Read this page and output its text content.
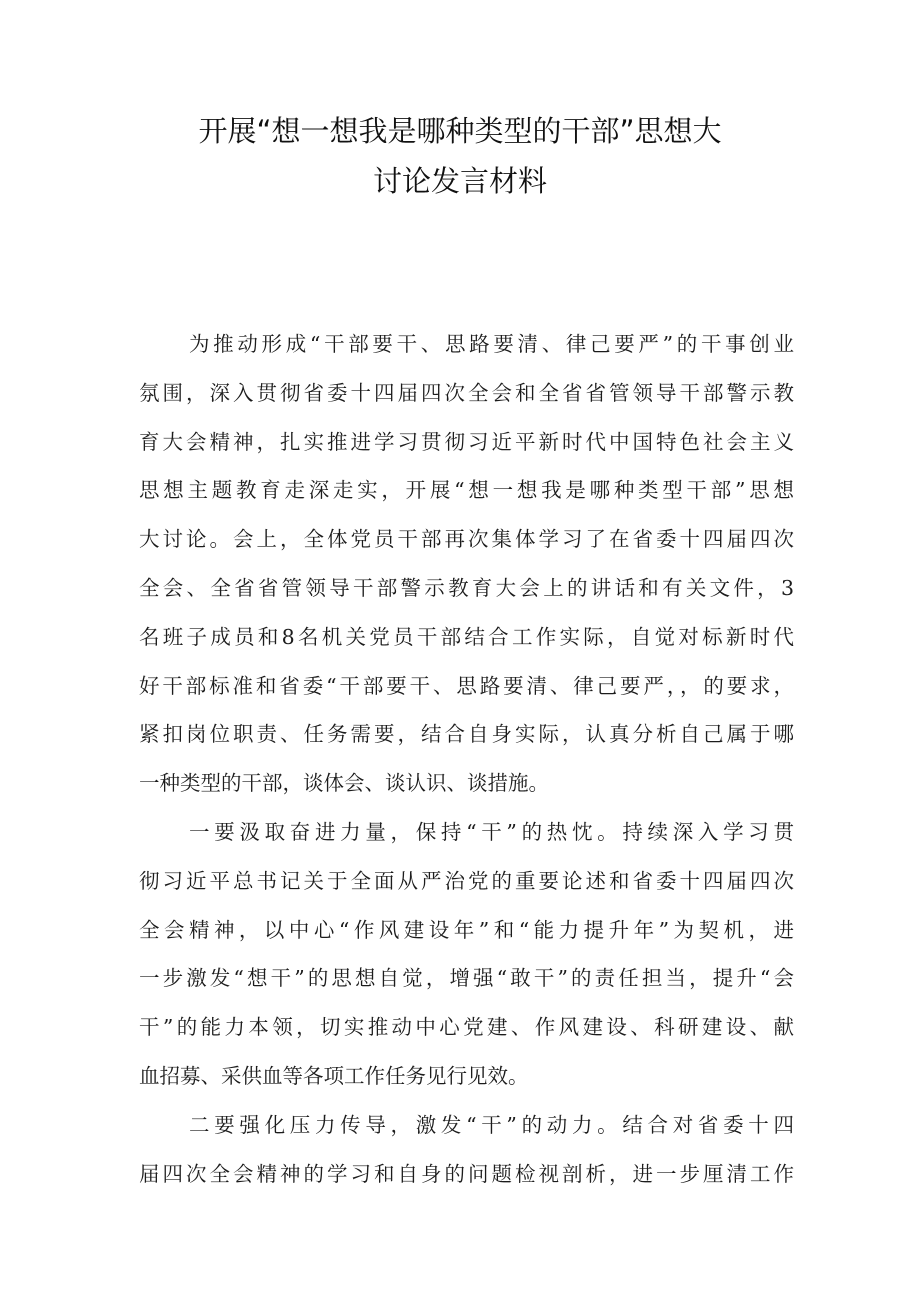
开展“想一想我是哪种类型的干部”思想大
讨论发言材料
为推动形成“干部要干、思路要清、律己要严”的干事创业
氛围，深入贯彻省委十四届四次全会和全省省管领导干部警示教
育大会精神，扎实推进学习贯彻习近平新时代中国特色社会主义
思想主题教育走深走实，开展“想一想我是哪种类型干部”思想
大讨论。会上，全体党员干部再次集体学习了在省委十四届四次
全会、全省省管领导干部警示教育大会上的讲话和有关文件，3
名班子成员和8名机关党员干部结合工作实际，自觉对标新时代
好干部标准和省委“干部要干、思路要清、律己要严，，的要求，
紧扣岗位职责、任务需要，结合自身实际，认真分析自己属于哪
一种类型的干部，谈体会、谈认识、谈措施。
一要汲取奋进力量，保持“干”的热忱。持续深入学习贯
彻习近平总书记关于全面从严治党的重要论述和省委十四届四次
全会精神，以中心“作风建设年”和“能力提升年”为契机，进
一步激发“想干”的思想自觉，增强“敢干”的责任担当，提升“会
干”的能力本领，切实推动中心党建、作风建设、科研建设、献
血招募、采供血等各项工作任务见行见效。
二要强化压力传导，激发“干”的动力。结合对省委十四
届四次全会精神的学习和自身的问题检视剖析，进一步厘清工作
